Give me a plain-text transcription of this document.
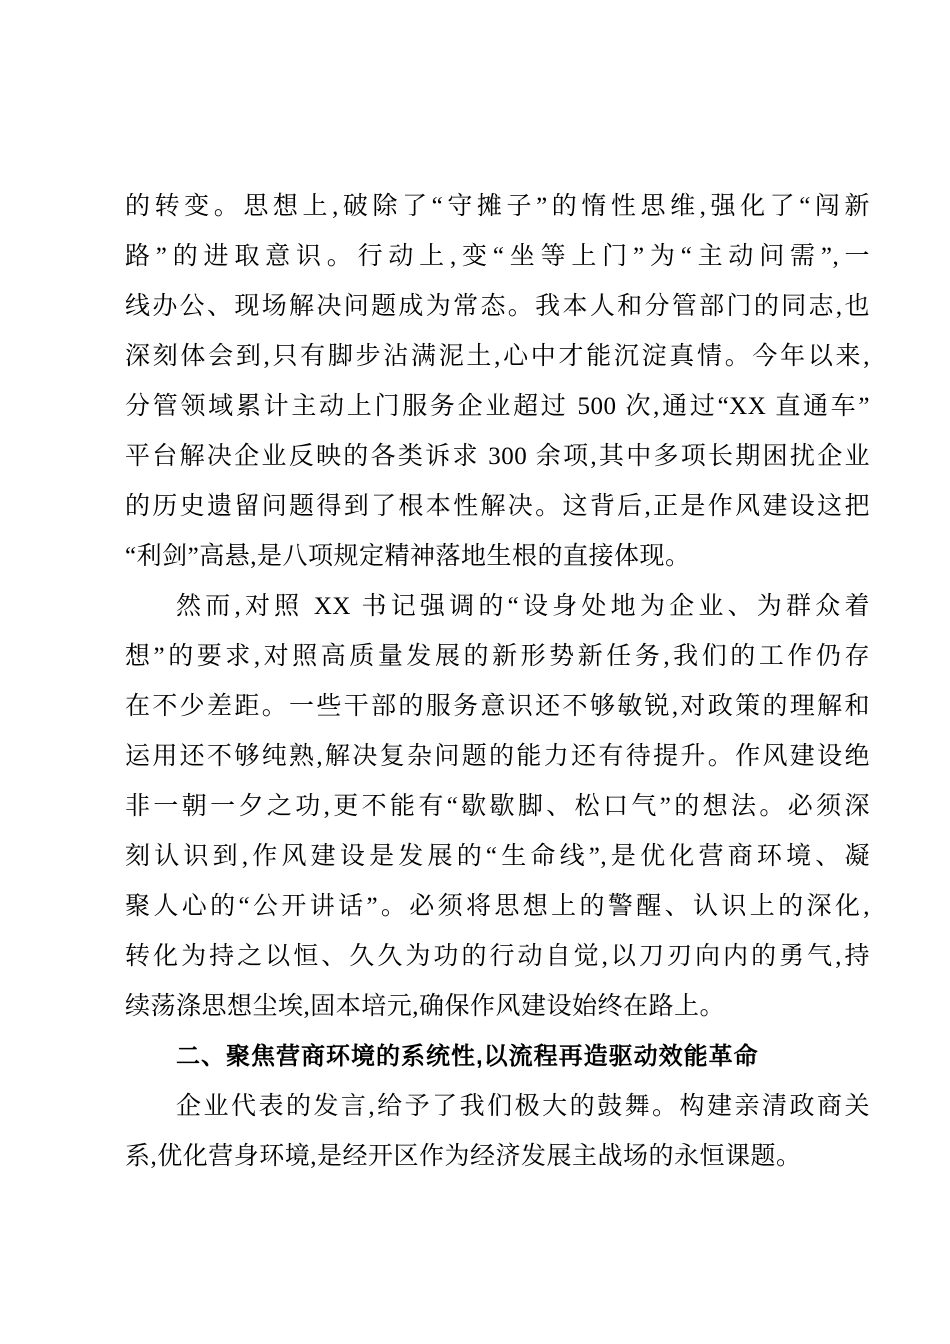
的转变。思想上,破除了“守摊子”的惰性思维,强化了“闯新
路”的进取意识。行动上,变“坐等上门”为“主动问需”,一
线办公、现场解决问题成为常态。我本人和分管部门的同志,也
深刻体会到,只有脚步沾满泥土,心中才能沉淀真情。今年以来,
分管领域累计主动上门服务企业超过 500 次,通过“XX 直通车”
平台解决企业反映的各类诉求 300 余项,其中多项长期困扰企业
的历史遗留问题得到了根本性解决。这背后,正是作风建设这把
“利剑”高悬,是八项规定精神落地生根的直接体现。
然而,对照 XX 书记强调的“设身处地为企业、为群众着
想”的要求,对照高质量发展的新形势新任务,我们的工作仍存
在不少差距。一些干部的服务意识还不够敏锐,对政策的理解和
运用还不够纯熟,解决复杂问题的能力还有待提升。作风建设绝
非一朝一夕之功,更不能有“歇歇脚、松口气”的想法。必须深
刻认识到,作风建设是发展的“生命线”,是优化营商环境、凝
聚人心的“公开讲话”。必须将思想上的警醒、认识上的深化,
转化为持之以恒、久久为功的行动自觉,以刀刃向内的勇气,持
续荡涤思想尘埃,固本培元,确保作风建设始终在路上。
二、聚焦营商环境的系统性,以流程再造驱动效能革命
企业代表的发言,给予了我们极大的鼓舞。构建亲清政商关
系,优化营身环境,是经开区作为经济发展主战场的永恒课题。
